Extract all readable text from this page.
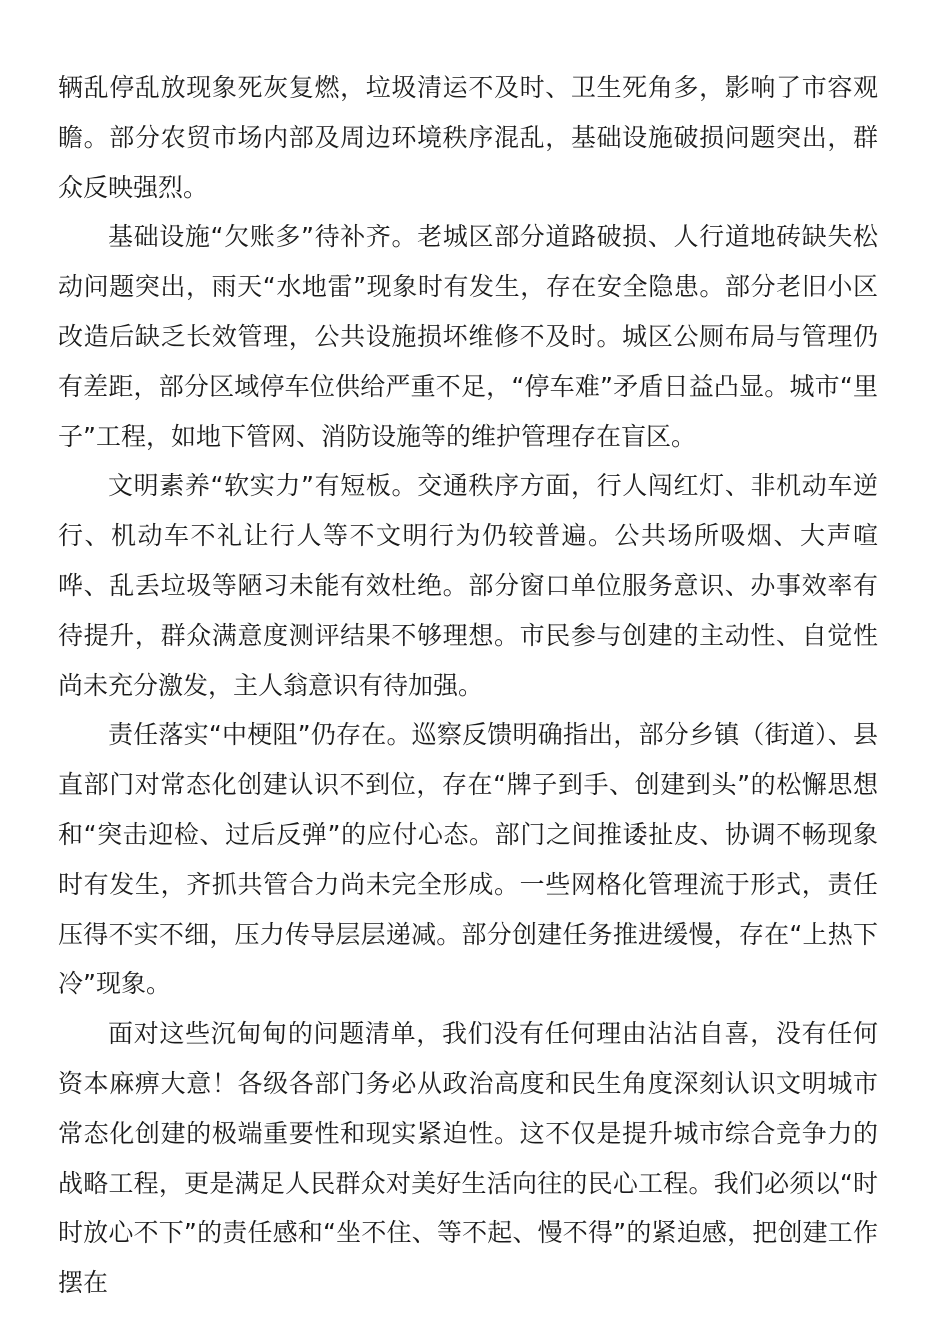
辆乱停乱放现象死灰复燃，垃圾清运不及时、卫生死角多，影响了市容观瞻。部分农贸市场内部及周边环境秩序混乱，基础设施破损问题突出，群众反映强烈。

基础设施“欠账多”待补齐。老城区部分道路破损、人行道地砖缺失松动问题突出，雨天“水地雷”现象时有发生，存在安全隐患。部分老旧小区改造后缺乏长效管理，公共设施损坏维修不及时。城区公厕布局与管理仍有差距，部分区域停车位供给严重不足，“停车难”矛盾日益凸显。城市“里子”工程，如地下管网、消防设施等的维护管理存在盲区。

文明素养“软实力”有短板。交通秩序方面，行人闯红灯、非机动车逆行、机动车不礼让行人等不文明行为仍较普遍。公共场所吸烟、大声喧哗、乱丢垃圾等陋习未能有效杜绝。部分窗口单位服务意识、办事效率有待提升，群众满意度测评结果不够理想。市民参与创建的主动性、自觉性尚未充分激发，主人翁意识有待加强。

责任落实“中梗阻”仍存在。巡察反馈明确指出，部分乡镇（街道）、县直部门对常态化创建认识不到位，存在“牌子到手、创建到头”的松懈思想和“突击迎检、过后反弹”的应付心态。部门之间推诿扯皮、协调不畅现象时有发生，齐抓共管合力尚未完全形成。一些网格化管理流于形式，责任压得不实不细，压力传导层层递减。部分创建任务推进缓慢，存在“上热下冷”现象。

面对这些沉甸甸的问题清单，我们没有任何理由沾沾自喜，没有任何资本麻痹大意！各级各部门务必从政治高度和民生角度深刻认识文明城市常态化创建的极端重要性和现实紧迫性。这不仅是提升城市综合竞争力的战略工程，更是满足人民群众对美好生活向往的民心工程。我们必须以“时时放心不下”的责任感和“坐不住、等不起、慢不得”的紧迫感，把创建工作摆在
